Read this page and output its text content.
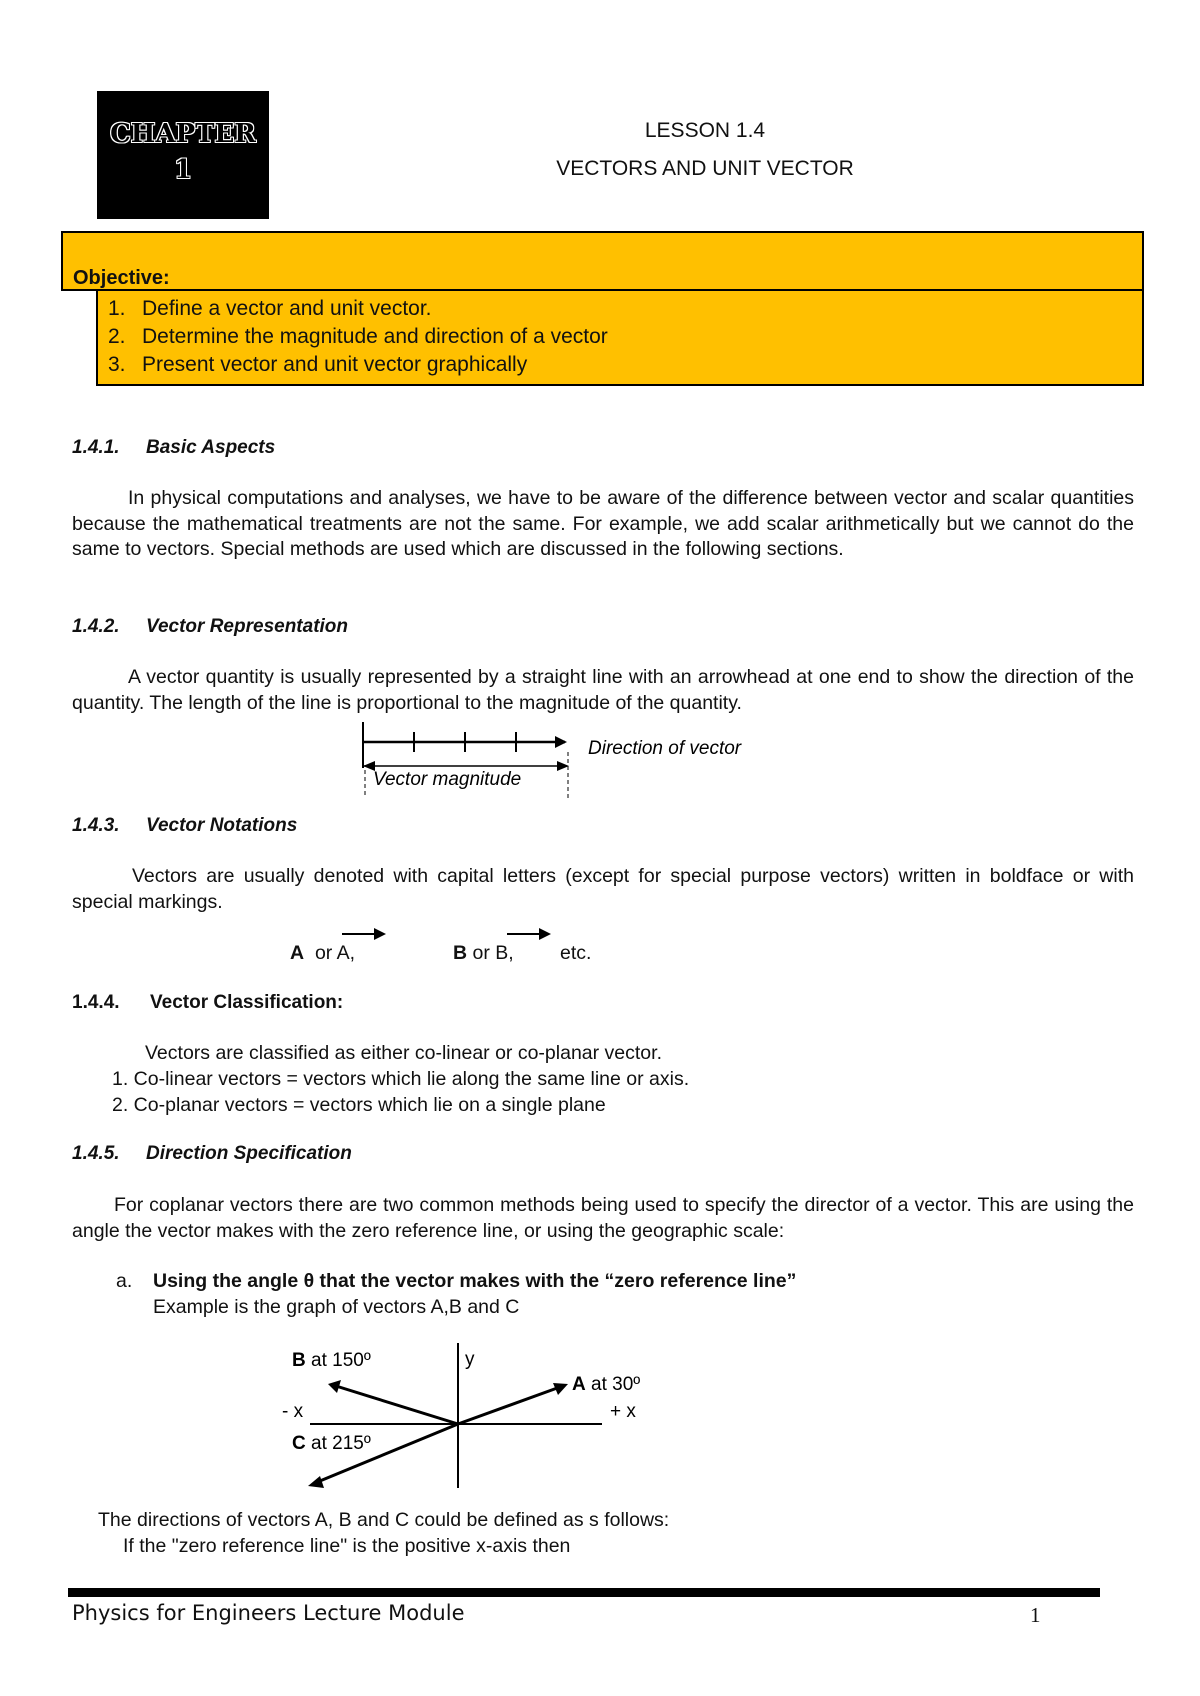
CHAPTER
1
LESSON 1.4
VECTORS AND UNIT VECTOR
Objective:
1. Define a vector and unit vector.
2. Determine the magnitude and direction of a vector
3. Present vector and unit vector graphically
1.4.1. Basic Aspects

In physical computations and analyses, we have to be aware of the difference between vector and scalar quantities because the mathematical treatments are not the same. For example, we add scalar arithmetically but we cannot do the same to vectors. Special methods are used which are discussed in the following sections.

1.4.2. Vector Representation

A vector quantity is usually represented by a straight line with an arrowhead at one end to show the direction of the quantity. The length of the line is proportional to the magnitude of the quantity.

Vector magnitude
Direction of vector
1.4.3. Vector Notations

Vectors are usually denoted with capital letters (except for special purpose vectors) written in boldface or with special markings.

A or A,	B or B, etc.
1.4.4. Vector Classification:
Vectors are classified as either co-linear or co-planar vector.
1. Co-linear vectors = vectors which lie along the same line or axis.
2. Co-planar vectors = vectors which lie on a single plane
1.4.5. Direction Specification

For coplanar vectors there are two common methods being used to specify the director of a vector. This are using the angle the vector makes with the zero reference line, or using the geographic scale:

a. Using the angle θ that the vector makes with the “zero reference line”
Example is the graph of vectors A,B and C
B at 150º	y
A at 30º
- x	+ x
C at 215º
The directions of vectors A, B and C could be defined as s follows:
If the "zero reference line" is the positive x-axis then
Physics for Engineers Lecture Module	1
